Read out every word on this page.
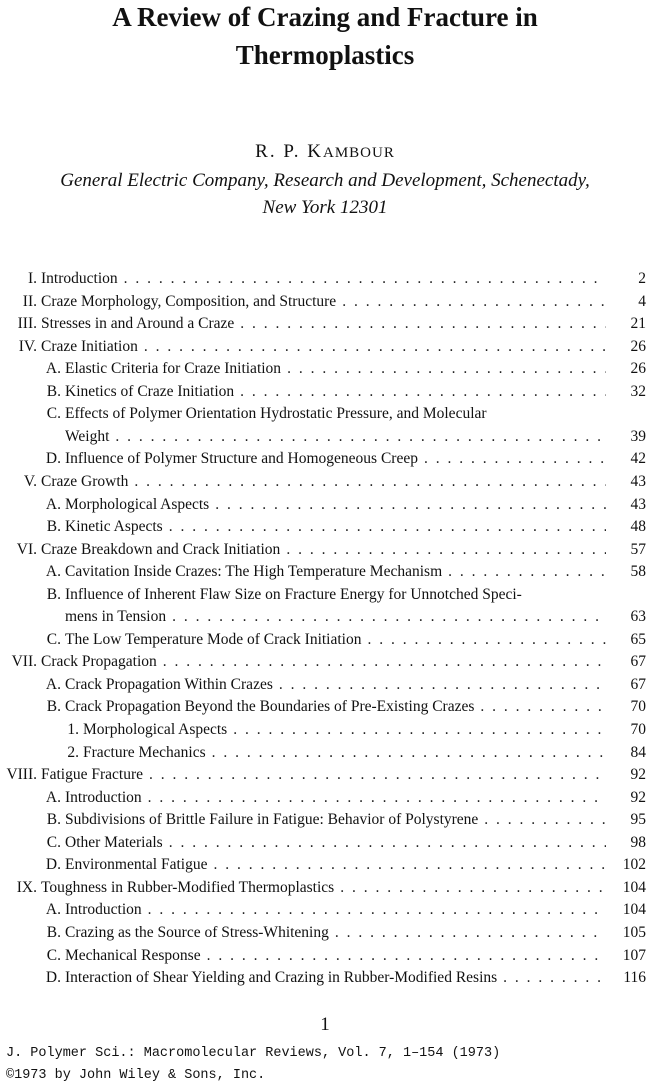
A Review of Crazing and Fracture in
Thermoplastics
R. P. KAMBOUR
General Electric Company, Research and Development, Schenectady,
New York 12301
I. Introduction . . .	2
II. Craze Morphology, Composition, and Structure . . .	4
III. Stresses in and Around a Craze . . .	21
IV. Craze Initiation . . .	26
A. Elastic Criteria for Craze Initiation . . .	26
B. Kinetics of Craze Initiation . . .	32
C. Effects of Polymer Orientation Hydrostatic Pressure, and Molecular
Weight . . .	39
D. Influence of Polymer Structure and Homogeneous Creep . . .	42
V. Craze Growth . . .	43
A. Morphological Aspects . . .	43
B. Kinetic Aspects . . .	48
VI. Craze Breakdown and Crack Initiation . . .	57
A. Cavitation Inside Crazes: The High Temperature Mechanism . . .	58
B. Influence of Inherent Flaw Size on Fracture Energy for Unnotched Speci-
mens in Tension . . .	63
C. The Low Temperature Mode of Crack Initiation . . .	65
VII. Crack Propagation . . .	67
A. Crack Propagation Within Crazes . . .	67
B. Crack Propagation Beyond the Boundaries of Pre-Existing Crazes . . .	70
1. Morphological Aspects . . .	70
2. Fracture Mechanics . . .	84
VIII. Fatigue Fracture . . .	92
A. Introduction . . .	92
B. Subdivisions of Brittle Failure in Fatigue: Behavior of Polystyrene . . .	95
C. Other Materials . . .	98
D. Environmental Fatigue . . .	102
IX. Toughness in Rubber-Modified Thermoplastics . . .	104
A. Introduction . . .	104
B. Crazing as the Source of Stress-Whitening . . .	105
C. Mechanical Response . . .	107
D. Interaction of Shear Yielding and Crazing in Rubber-Modified Resins . . .	116
1
J. Polymer Sci.: Macromolecular Reviews, Vol. 7, 1–154 (1973)
©1973 by John Wiley & Sons, Inc.
